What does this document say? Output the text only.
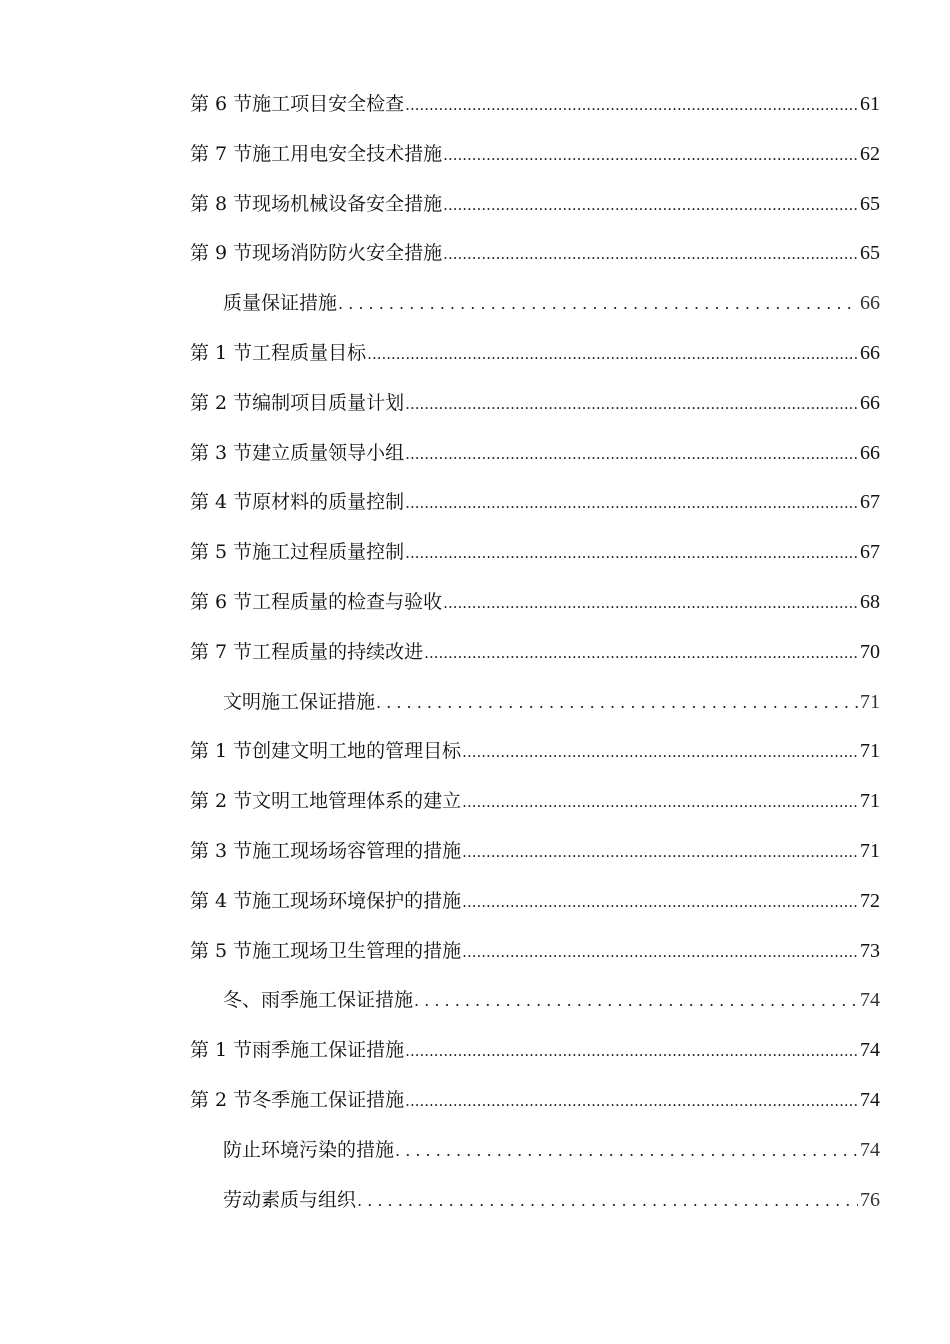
第 6 节施工项目安全检查 .....	61
第 7 节施工用电安全技术措施 .....	62
第 8 节现场机械设备安全措施 .....	65
第 9 节现场消防防火安全措施 .....	65
质量保证措施 . . .	66
第 1 节工程质量目标 .....	66
第 2 节编制项目质量计划 .....	66
第 3 节建立质量领导小组 .....	66
第 4 节原材料的质量控制 .....	67
第 5 节施工过程质量控制 .....	67
第 6 节工程质量的检查与验收 .....	68
第 7 节工程质量的持续改进 .....	70
文明施工保证措施 . . .	71
第 1 节创建文明工地的管理目标 .....	71
第 2 节文明工地管理体系的建立 .....	71
第 3 节施工现场场容管理的措施 .....	71
第 4 节施工现场环境保护的措施 .....	72
第 5 节施工现场卫生管理的措施 .....	73
冬、雨季施工保证措施 . . .	74
第 1 节雨季施工保证措施 .....	74
第 2 节冬季施工保证措施 .....	74
防止环境污染的措施 . . .	74
劳动素质与组织 . . .	76
